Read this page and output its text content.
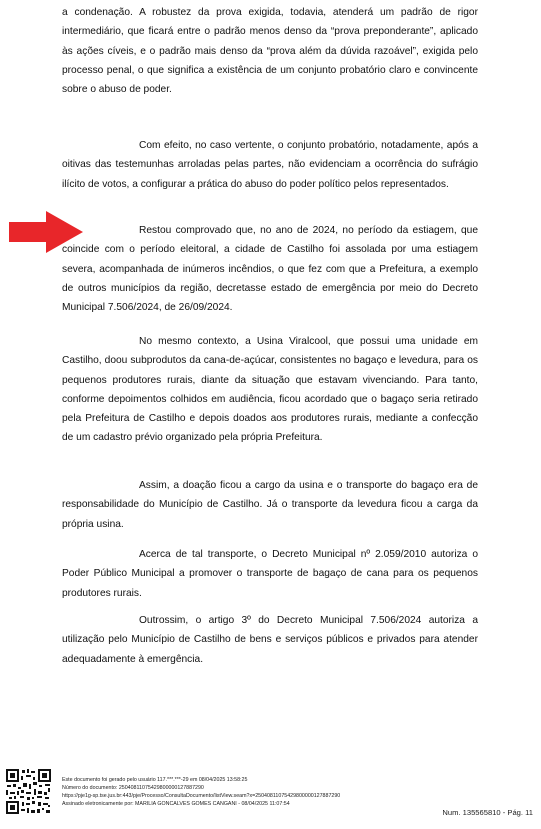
a condenação. A robustez da prova exigida, todavia, atenderá um padrão de rigor intermediário, que ficará entre o padrão menos denso da “prova preponderante”, aplicado às ações cíveis, e o padrão mais denso da “prova além da dúvida razoável”, exigida pelo processo penal, o que significa a existência de um conjunto probatório claro e convincente sobre o abuso de poder.

Com efeito, no caso vertente, o conjunto probatório, notadamente, após a oitivas das testemunhas arroladas pelas partes, não evidenciam a ocorrência do sufrágio ilícito de votos, a configurar a prática do abuso do poder político pelos representados.

Restou comprovado que, no ano de 2024, no período da estiagem, que coincide com o período eleitoral, a cidade de Castilho foi assolada por uma estiagem severa, acompanhada de inúmeros incêndios, o que fez com que a Prefeitura, a exemplo de outros municípios da região, decretasse estado de emergência por meio do Decreto Municipal 7.506/2024, de 26/09/2024.

No mesmo contexto, a Usina Viralcool, que possui uma unidade em Castilho, doou subprodutos da cana-de-açúcar, consistentes no bagaço e levedura, para os pequenos produtores rurais, diante da situação que estavam vivenciando. Para tanto, conforme depoimentos colhidos em audiência, ficou acordado que o bagaço seria retirado pela Prefeitura de Castilho e depois doados aos produtores rurais, mediante a confecção de um cadastro prévio organizado pela própria Prefeitura.

Assim, a doação ficou a cargo da usina e o transporte do bagaço era de responsabilidade do Município de Castilho. Já o transporte da levedura ficou a carga da própria usina.

Acerca de tal transporte, o Decreto Municipal nº 2.059/2010 autoriza o Poder Público Municipal a promover o transporte de bagaço de cana para os pequenos produtores rurais.

Outrossim, o artigo 3º do Decreto Municipal 7.506/2024 autoriza a utilização pelo Município de Castilho de bens e serviços públicos e privados para atender adequadamente à emergência.

Este documento foi gerado pelo usuário 117.***.***-29 em 08/04/2025 13:58:25
Número do documento: 25040811075429800000127887290
https://pje1g-sp.tse.jus.br:443/pje/Processo/ConsultaDocumento/listView.seam?x=25040811075429800000127887290
Assinado eletronicamente por: MARILIA GONCALVES GOMES CANGANI - 08/04/2025 11:07:54
Num. 135565810 - Pág. 11
